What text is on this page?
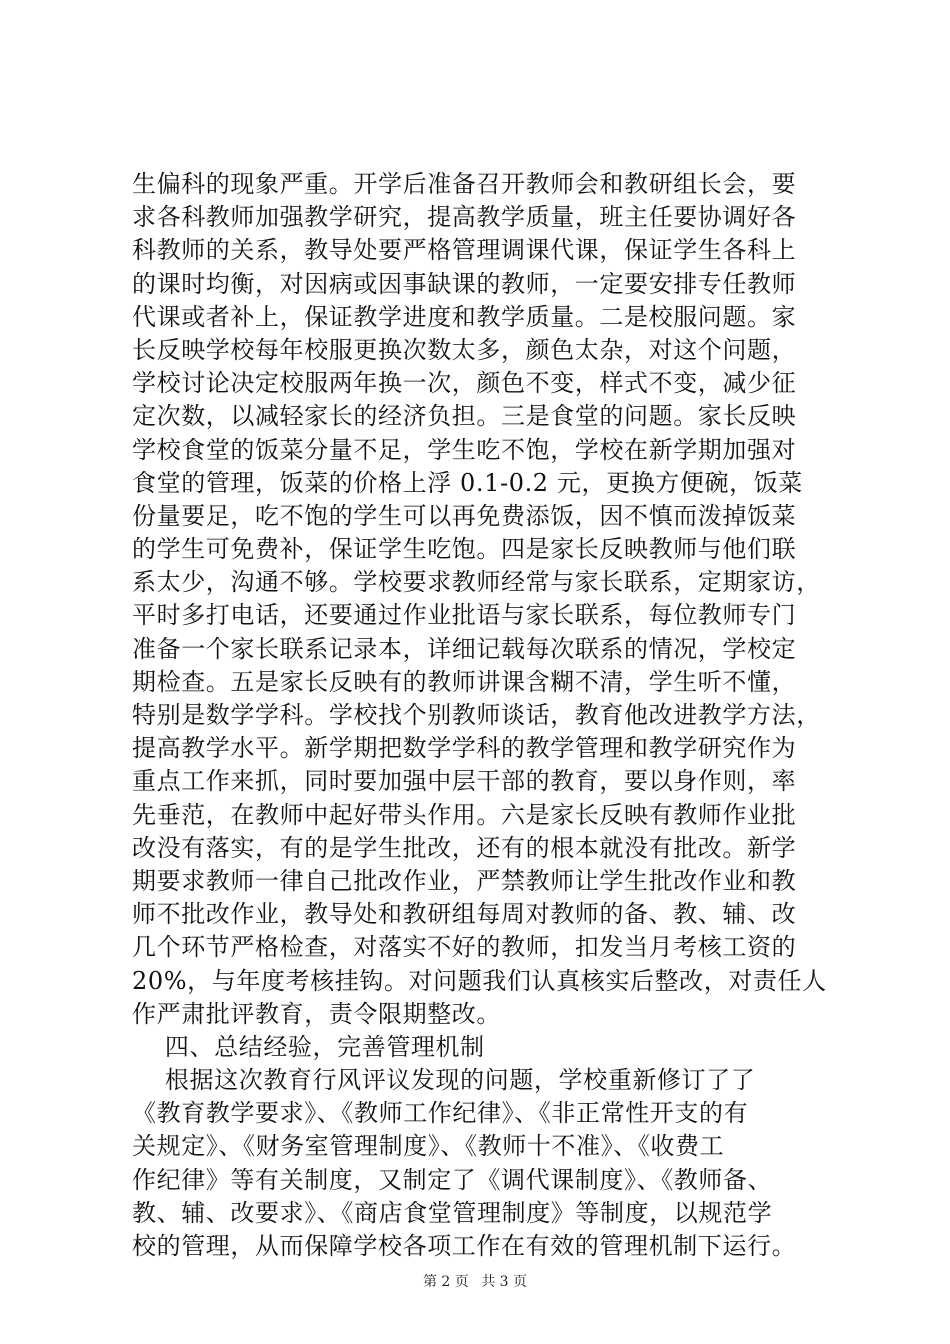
生偏科的现象严重。开学后准备召开教师会和教研组长会，要
求各科教师加强教学研究，提高教学质量，班主任要协调好各
科教师的关系，教导处要严格管理调课代课，保证学生各科上
的课时均衡，对因病或因事缺课的教师，一定要安排专任教师
代课或者补上，保证教学进度和教学质量。二是校服问题。家
长反映学校每年校服更换次数太多，颜色太杂，对这个问题，
学校讨论决定校服两年换一次，颜色不变，样式不变，减少征
定次数，以减轻家长的经济负担。三是食堂的问题。家长反映
学校食堂的饭菜分量不足，学生吃不饱，学校在新学期加强对
食堂的管理，饭菜的价格上浮 0.1-0.2 元，更换方便碗，饭菜
份量要足，吃不饱的学生可以再免费添饭，因不慎而泼掉饭菜
的学生可免费补，保证学生吃饱。四是家长反映教师与他们联
系太少，沟通不够。学校要求教师经常与家长联系，定期家访，
平时多打电话，还要通过作业批语与家长联系，每位教师专门
准备一个家长联系记录本，详细记载每次联系的情况，学校定
期检查。五是家长反映有的教师讲课含糊不清，学生听不懂，
特别是数学学科。学校找个别教师谈话，教育他改进教学方法，
提高教学水平。新学期把数学学科的教学管理和教学研究作为
重点工作来抓，同时要加强中层干部的教育，要以身作则，率
先垂范，在教师中起好带头作用。六是家长反映有教师作业批
改没有落实，有的是学生批改，还有的根本就没有批改。新学
期要求教师一律自己批改作业，严禁教师让学生批改作业和教
师不批改作业，教导处和教研组每周对教师的备、教、辅、改
几个环节严格检查，对落实不好的教师，扣发当月考核工资的
20%，与年度考核挂钩。对问题我们认真核实后整改，对责任人
作严肃批评教育，责令限期整改。
四、总结经验，完善管理机制
根据这次教育行风评议发现的问题，学校重新修订了了
《教育教学要求》、《教师工作纪律》、《非正常性开支的有
关规定》、《财务室管理制度》、《教师十不准》、《收费工
作纪律》等有关制度，又制定了《调代课制度》、《教师备、
教、辅、改要求》、《商店食堂管理制度》等制度，以规范学
校的管理，从而保障学校各项工作在有效的管理机制下运行。
第 2 页 共 3 页
